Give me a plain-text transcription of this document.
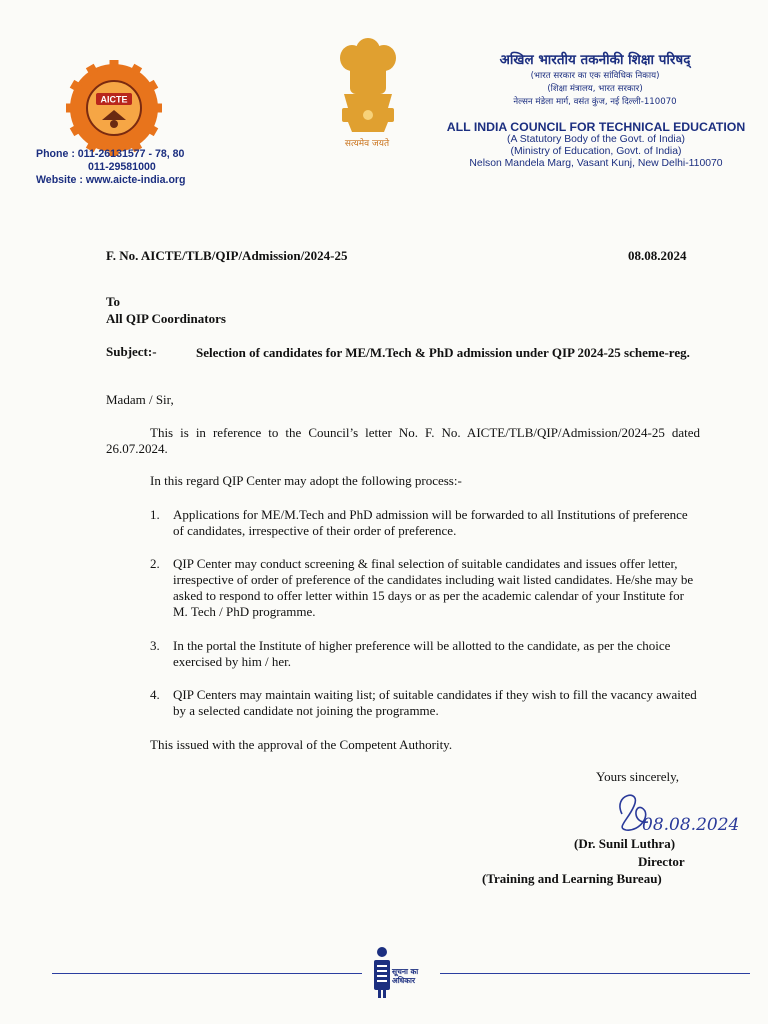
AICTE
सत्यमेव जयते
Phone : 011-26131577 - 78, 80
011-29581000
Website : www.aicte-india.org
अखिल भारतीय तकनीकी शिक्षा परिषद्
(भारत सरकार का एक सांविधिक निकाय)
(शिक्षा मंत्रालय, भारत सरकार)
नेल्सन मंडेला मार्ग, वसंत कुंज, नई दिल्ली-110070
ALL INDIA COUNCIL FOR TECHNICAL EDUCATION
(A Statutory Body of the Govt. of India)
(Ministry of Education, Govt. of India)
Nelson Mandela Marg, Vasant Kunj, New Delhi-110070
F. No. AICTE/TLB/QIP/Admission/2024-25	08.08.2024
To
All QIP Coordinators
Subject:-	Selection of candidates for ME/M.Tech & PhD admission under QIP 2024-25 scheme-reg.
Madam / Sir,
This is in reference to the Council’s letter No. F. No. AICTE/TLB/QIP/Admission/2024-25 dated 26.07.2024.
In this regard QIP Center may adopt the following process:-
1. Applications for ME/M.Tech and PhD admission will be forwarded to all Institutions of preference of candidates, irrespective of their order of preference.
2. QIP Center may conduct screening & final selection of suitable candidates and issues offer letter, irrespective of order of preference of the candidates including wait listed candidates. He/she may be asked to respond to offer letter within 15 days or as per the academic calendar of your Institute for M. Tech / PhD programme.
3. In the portal the Institute of higher preference will be allotted to the candidate, as per the choice exercised by him / her.
4. QIP Centers may maintain waiting list; of suitable candidates if they wish to fill the vacancy awaited by a selected candidate not joining the programme.
This issued with the approval of the Competent Authority.
Yours sincerely,
08.08.2024
(Dr. Sunil Luthra)
Director
(Training and Learning Bureau)
सूचना का
अधिकार
